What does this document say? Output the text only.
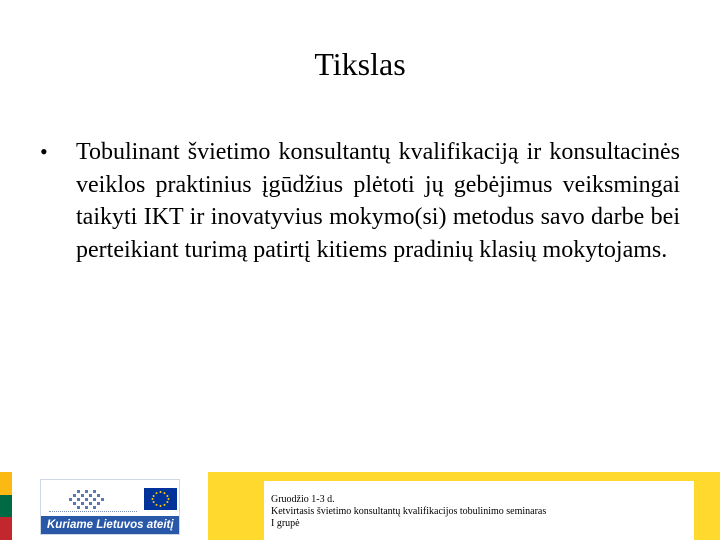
Tikslas
• Tobulinant švietimo konsultantų kvalifikaciją ir konsultacinės veiklos praktinius įgūdžius plėtoti jų gebėjimus veiksmingai taikyti IKT ir inovatyvius mokymo(si) metodus savo darbe bei perteikiant turimą patirtį kitiems pradinių klasių mokytojams.

Kuriame Lietuvos ateitį
Gruodžio 1-3 d.
Ketvirtasis švietimo konsultantų kvalifikacijos tobulinimo seminaras
I grupė
